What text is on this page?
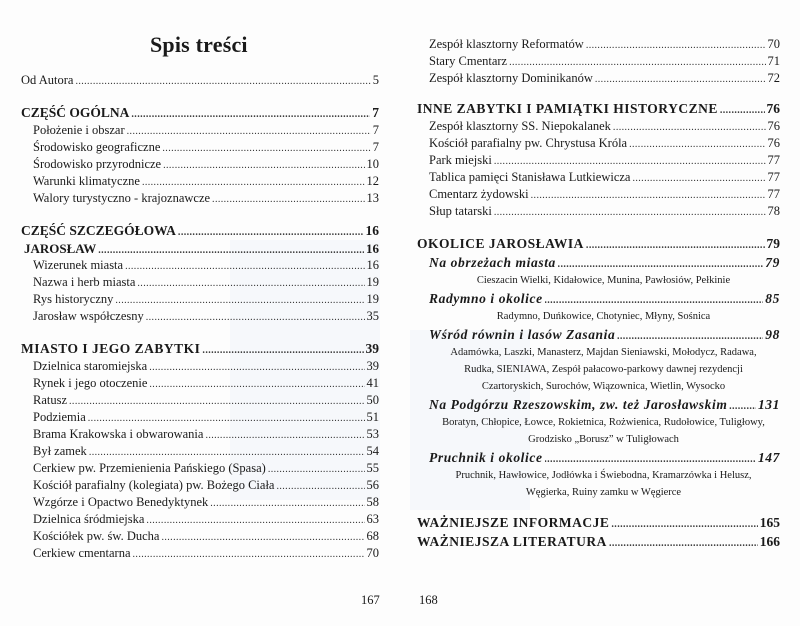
Spis treści
Od Autora .....	5
CZĘŚĆ OGÓLNA .....	7
Położenie i obszar .....	7
Środowisko geograficzne .....	7
Środowisko przyrodnicze .....	10
Warunki klimatyczne .....	12
Walory turystyczno - krajoznawcze .....	13
CZĘŚĆ SZCZEGÓŁOWA .....	16
JAROSŁAW .....	16
Wizerunek miasta .....	16
Nazwa i herb miasta .....	19
Rys historyczny .....	19
Jarosław współczesny .....	35
MIASTO I JEGO ZABYTKI .....	39
Dzielnica staromiejska .....	39
Rynek i jego otoczenie .....	41
Ratusz .....	50
Podziemia .....	51
Brama Krakowska i obwarowania .....	53
Był zamek .....	54
Cerkiew pw. Przemienienia Pańskiego (Spasa) .....	55
Kościół parafialny (kolegiata) pw. Bożego Ciała .....	56
Wzgórze i Opactwo Benedyktynek .....	58
Dzielnica śródmiejska .....	63
Kościółek pw. św. Ducha .....	68
Cerkiew cmentarna .....	70
167
Zespół klasztorny Reformatów .....	70
Stary Cmentarz .....	71
Zespół klasztorny Dominikanów .....	72
INNE ZABYTKI I PAMIĄTKI HISTORYCZNE .....	76
Zespół klasztorny SS. Niepokalanek .....	76
Kościół parafialny pw. Chrystusa Króla .....	76
Park miejski .....	77
Tablica pamięci Stanisława Lutkiewicza .....	77
Cmentarz żydowski .....	77
Słup tatarski .....	78
OKOLICE JAROSŁAWIA .....	79
Na obrzeżach miasta .....	79
Cieszacin Wielki, Kidałowice, Munina, Pawłosiów, Pełkinie
Radymno i okolice .....	85
Radymno, Duńkowice, Chotyniec, Młyny, Sośnica
Wśród równin i lasów Zasania .....	98
Adamówka, Laszki, Manasterz, Majdan Sieniawski, Mołodycz, Radawa,
Rudka, SIENIAWA, Zespół pałacowo-parkowy dawnej rezydencji
Czartoryskich, Surochów, Wiązownica, Wietlin, Wysocko
Na Podgórzu Rzeszowskim, zw. też Jarosławskim ..... 131
Boratyn, Chłopice, Łowce, Rokietnica, Rożwienica, Rudołowice, Tuligłowy,
Grodzisko „Borusz” w Tuligłowach
Pruchnik i okolice .....	147
Pruchnik, Hawłowice, Jodłówka i Świebodna, Kramarzówka i Helusz,
Węgierka, Ruiny zamku w Węgierce
WAŻNIEJSZE INFORMACJE .....	165
WAŻNIEJSZA LITERATURA .....	166
168
